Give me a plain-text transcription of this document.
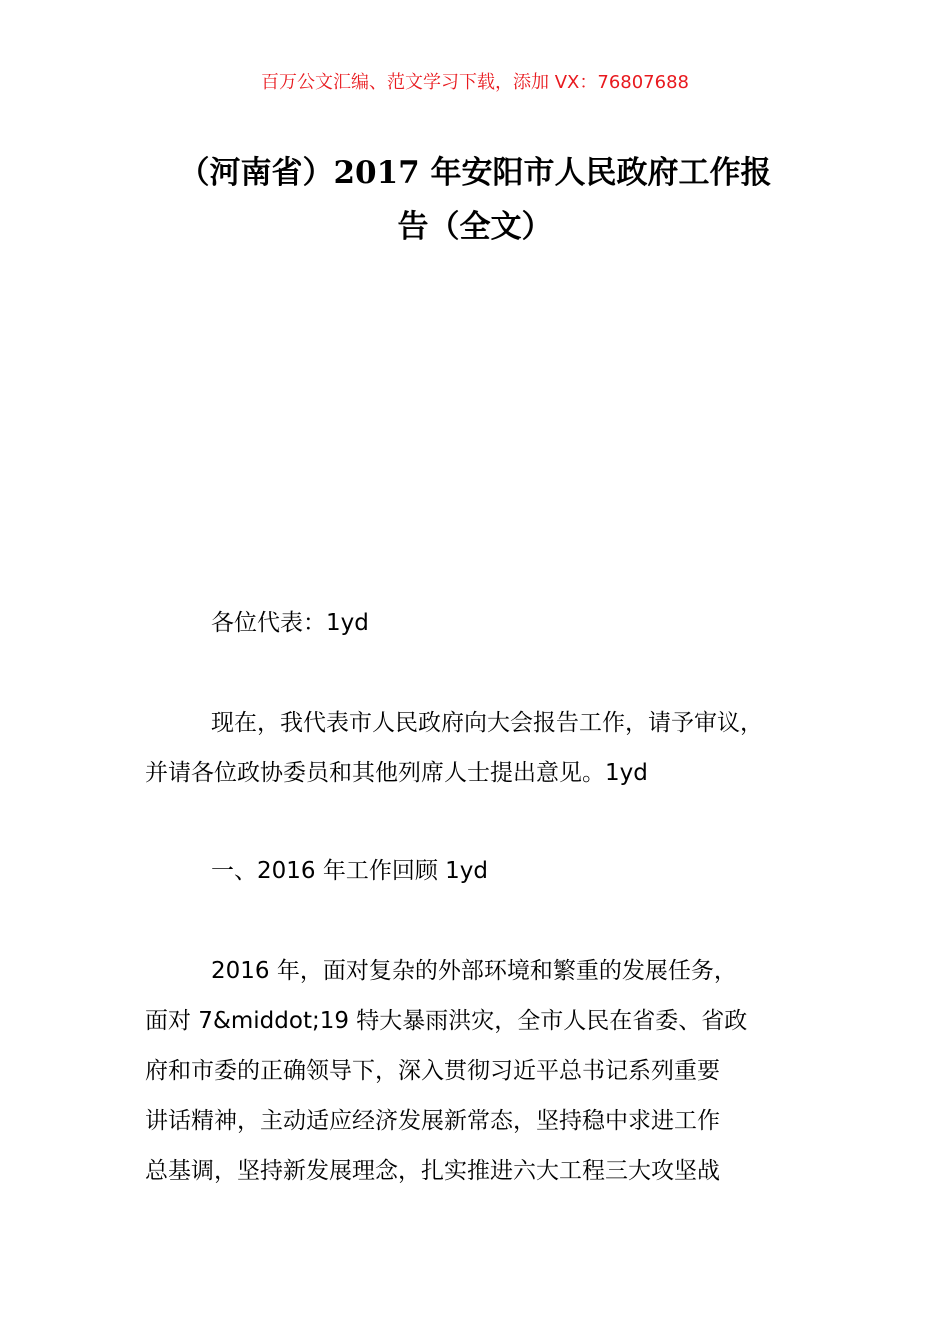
百万公文汇编、范文学习下载，添加 VX：76807688
（河南省）2017 年安阳市人民政府工作报
告（全文）
各位代表：1yd
现在，我代表市人民政府向大会报告工作，请予审议，
并请各位政协委员和其他列席人士提出意见。1yd
一、2016 年工作回顾 1yd
2016 年，面对复杂的外部环境和繁重的发展任务，
面对 7&middot;19 特大暴雨洪灾，全市人民在省委、省政
府和市委的正确领导下，深入贯彻习近平总书记系列重要
讲话精神，主动适应经济发展新常态，坚持稳中求进工作
总基调，坚持新发展理念，扎实推进六大工程三大攻坚战
